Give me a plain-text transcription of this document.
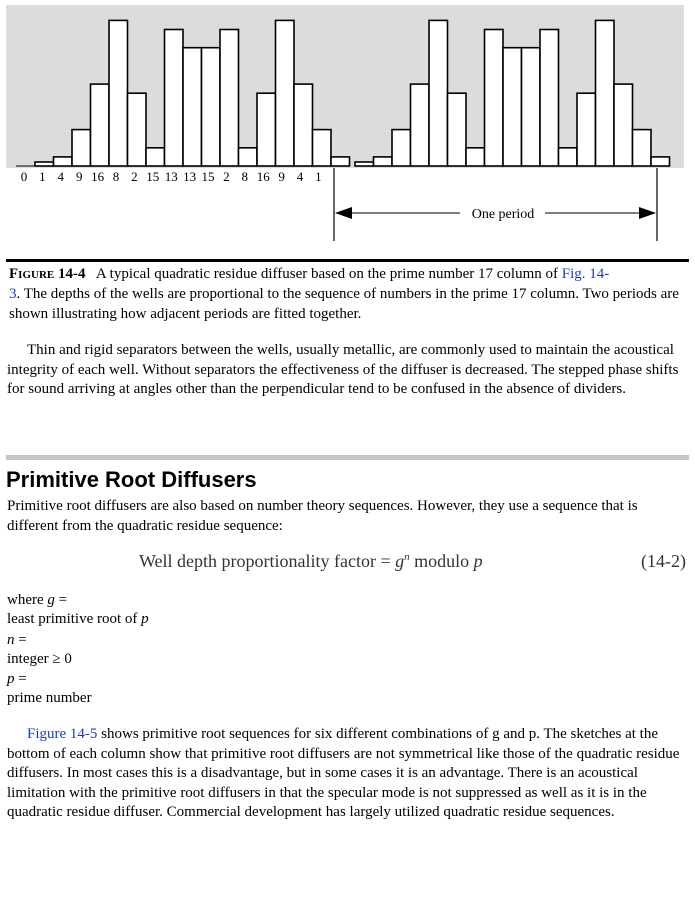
0 1 4 9 16 8 2 15 13 13 15 2 8 16 9 4 1
One period
Figure 14-4 A typical quadratic residue diffuser based on the prime number 17 column of Fig. 14-
3. The depths of the wells are proportional to the sequence of numbers in the prime 17 column. Two periods are shown illustrating how adjacent periods are fitted together.
Thin and rigid separators between the wells, usually metallic, are commonly used to maintain the acoustical integrity of each well. Without separators the effectiveness of the diffuser is decreased. The stepped phase shifts for sound arriving at angles other than the perpendicular tend to be confused in the absence of dividers.
Primitive Root Diffusers
Primitive root diffusers are also based on number theory sequences. However, they use a sequence that is different from the quadratic residue sequence:
Well depth proportionality factor = $g^n$ modulo p	(14-2)
where g =
least primitive root of p
n =
integer ≥ 0
p =
prime number
Figure 14-5 shows primitive root sequences for six different combinations of g and p. The sketches at the bottom of each column show that primitive root diffusers are not symmetrical like those of the quadratic residue diffusers. In most cases this is a disadvantage, but in some cases it is an advantage. There is an acoustical limitation with the primitive root diffusers in that the specular mode is not suppressed as well as it is in the quadratic residue diffuser. Commercial development has largely utilized quadratic residue sequences.
